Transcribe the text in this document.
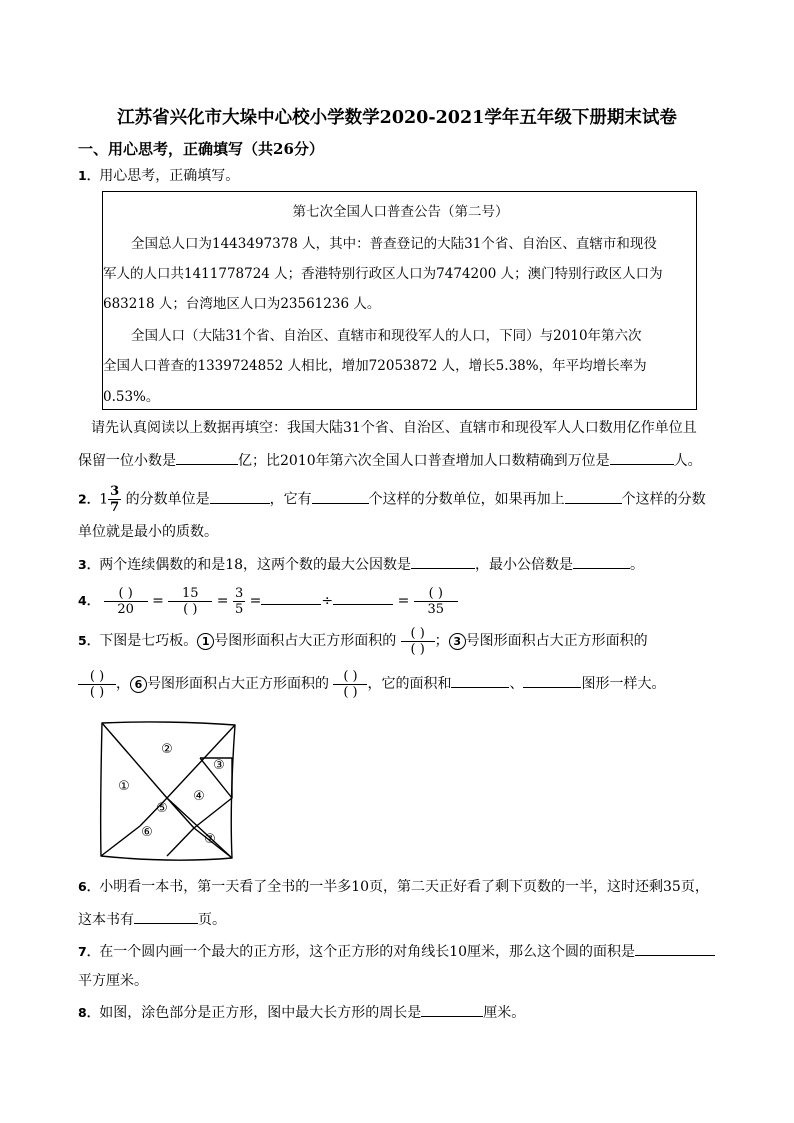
江苏省兴化市大垛中心校小学数学2020-2021学年五年级下册期末试卷
一、用心思考，正确填写（共26分）
1．用心思考，正确填写。
第七次全国人口普查公告（第二号）
全国总人口为1443497378 人，其中：普查登记的大陆31个省、自治区、直辖市和现役
军人的人口共1411778724 人；香港特别行政区人口为7474200 人；澳门特别行政区人口为
683218 人；台湾地区人口为23561236 人。
全国人口（大陆31个省、自治区、直辖市和现役军人的人口，下同）与2010年第六次
全国人口普查的1339724852 人相比，增加72053872 人，增长5.38%，年平均增长率为
0.53%。
请先认真阅读以上数据再填空：我国大陆31个省、自治区、直辖市和现役军人人口数用亿作单位且
保留一位小数是	亿；比2010年第六次全国人口普查增加人口数精确到万位是	人。
2．$1 \frac{3}{7}$ 的分数单位是	，它有	个这样的分数单位，如果再加上	个这样的分数
单位就是最小的质数。
3．两个连续偶数的和是18，这两个数的最大公因数是	，最小公倍数是	。
4． $\frac{( )}{20} = \frac{15}{( )} = \frac{3}{5}$ =	÷	= $\frac{( )}{35}$
5．下图是七巧板。 1 号图形面积占大正方形面积的 $\frac{( )}{( )}$ ； 3 号图形面积占大正方形面积的
$\frac{( )}{( )}$ ， 6 号图形面积占大正方形面积的 $\frac{( )}{( )}$ ，它的面积和	、	图形一样大。
①
②
③
④
⑤
⑥	⑦
6．小明看一本书，第一天看了全书的一半多10页，第二天正好看了剩下页数的一半，这时还剩35页，
这本书有	页。
7．在一个圆内画一个最大的正方形，这个正方形的对角线长10厘米，那么这个圆的面积是
平方厘米。
8．如图，涂色部分是正方形，图中最大长方形的周长是	厘米。
